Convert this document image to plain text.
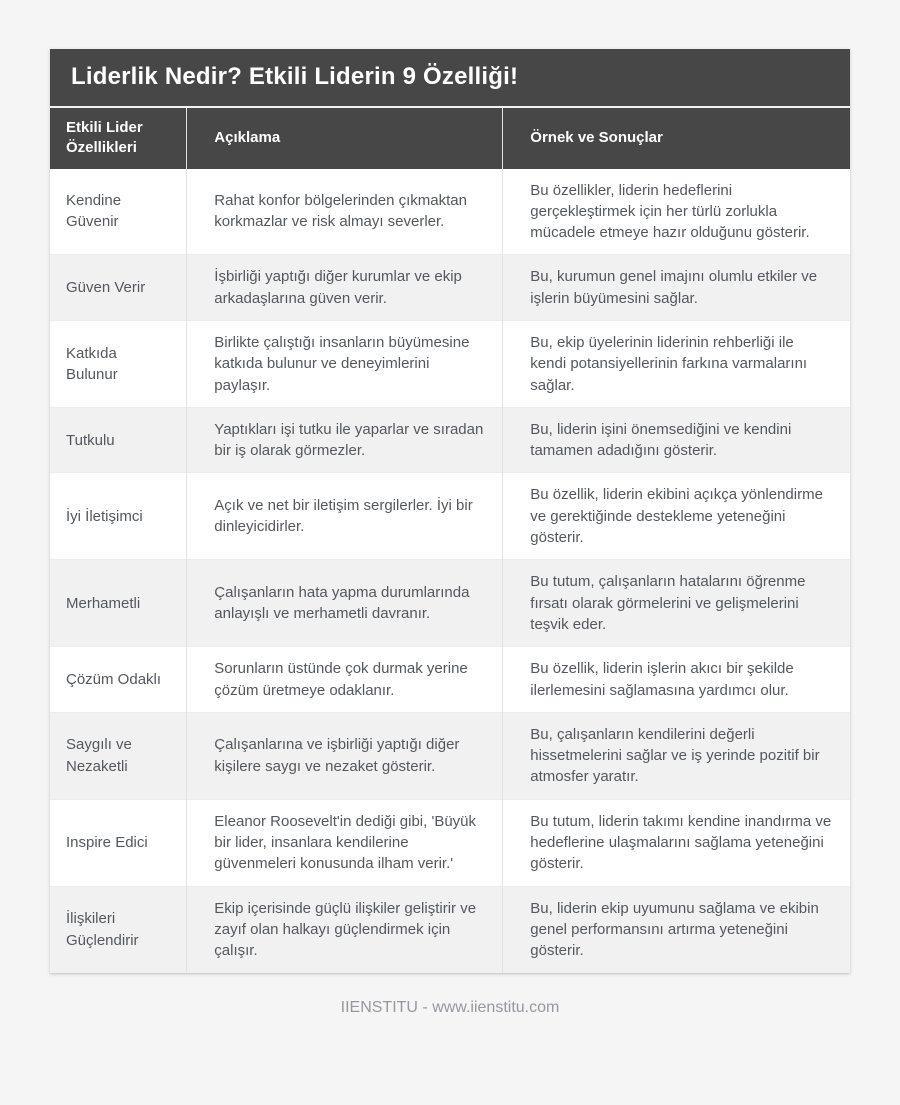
Liderlik Nedir? Etkili Liderin 9 Özelliği!
Etkili Lider Özellikleri	Açıklama	Örnek ve Sonuçlar
Kendine Güvenir	Rahat konfor bölgelerinden çıkmaktan korkmazlar ve risk almayı severler.	Bu özellikler, liderin hedeflerini gerçekleştirmek için her türlü zorlukla mücadele etmeye hazır olduğunu gösterir.
Güven Verir	İşbirliği yaptığı diğer kurumlar ve ekip arkadaşlarına güven verir.	Bu, kurumun genel imajını olumlu etkiler ve işlerin büyümesini sağlar.
Katkıda Bulunur	Birlikte çalıştığı insanların büyümesine katkıda bulunur ve deneyimlerini paylaşır.	Bu, ekip üyelerinin liderinin rehberliği ile kendi potansiyellerinin farkına varmalarını sağlar.
Tutkulu	Yaptıkları işi tutku ile yaparlar ve sıradan bir iş olarak görmezler.	Bu, liderin işini önemsediğini ve kendini tamamen adadığını gösterir.
İyi İletişimci	Açık ve net bir iletişim sergilerler. İyi bir dinleyicidirler.	Bu özellik, liderin ekibini açıkça yönlendirme ve gerektiğinde destekleme yeteneğini gösterir.
Merhametli	Çalışanların hata yapma durumlarında anlayışlı ve merhametli davranır.	Bu tutum, çalışanların hatalarını öğrenme fırsatı olarak görmelerini ve gelişmelerini teşvik eder.
Çözüm Odaklı	Sorunların üstünde çok durmak yerine çözüm üretmeye odaklanır.	Bu özellik, liderin işlerin akıcı bir şekilde ilerlemesini sağlamasına yardımcı olur.
Saygılı ve Nezaketli	Çalışanlarına ve işbirliği yaptığı diğer kişilere saygı ve nezaket gösterir.	Bu, çalışanların kendilerini değerli hissetmelerini sağlar ve iş yerinde pozitif bir atmosfer yaratır.
Inspire Edici	Eleanor Roosevelt'in dediği gibi, 'Büyük bir lider, insanlara kendilerine güvenmeleri konusunda ilham verir.'	Bu tutum, liderin takımı kendine inandırma ve hedeflerine ulaşmalarını sağlama yeteneğini gösterir.
İlişkileri Güçlendirir	Ekip içerisinde güçlü ilişkiler geliştirir ve zayıf olan halkayı güçlendirmek için çalışır.	Bu, liderin ekip uyumunu sağlama ve ekibin genel performansını artırma yeteneğini gösterir.
IIENSTITU - www.iienstitu.com
